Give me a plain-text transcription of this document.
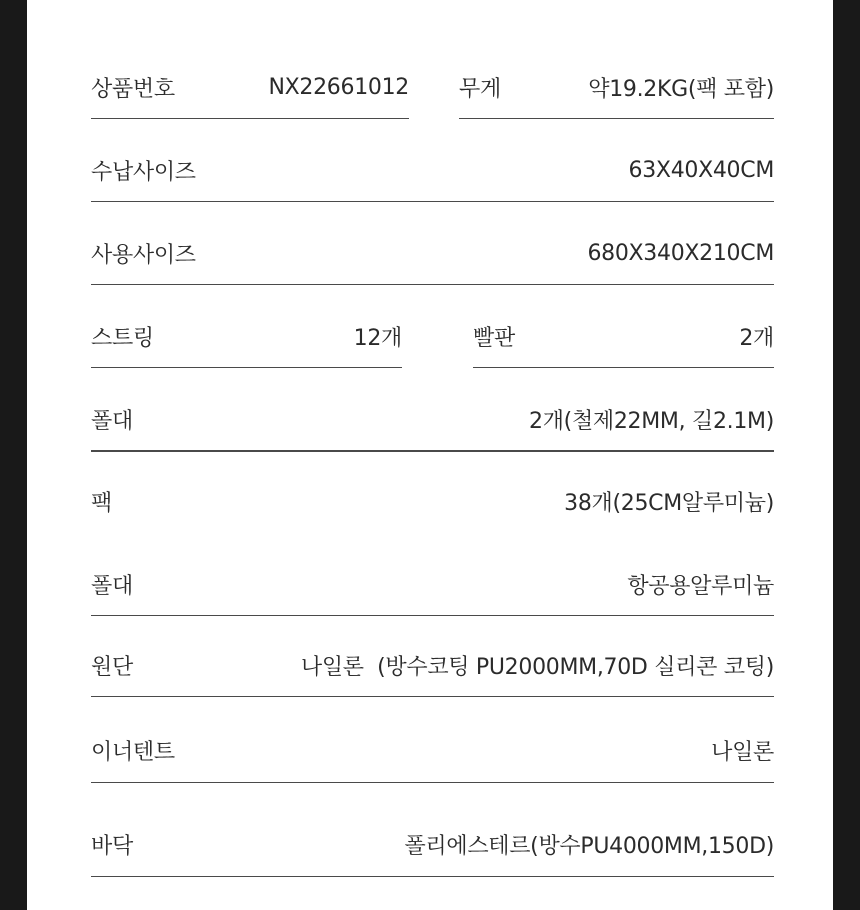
상품번호	NX22661012 무게	약19.2KG(팩 포함)
수납사이즈	63X40X40CM
사용사이즈	680X340X210CM
스트링	12개	빨판	2개
폴대	2개(철제22MM, 길2.1M)
팩	38개(25CM알루미늄)
폴대	항공용알루미늄
원단	나일론  (방수코팅 PU2000MM,70D 실리콘 코팅)
이너텐트	나일론
바닥	폴리에스테르(방수PU4000MM,150D)
